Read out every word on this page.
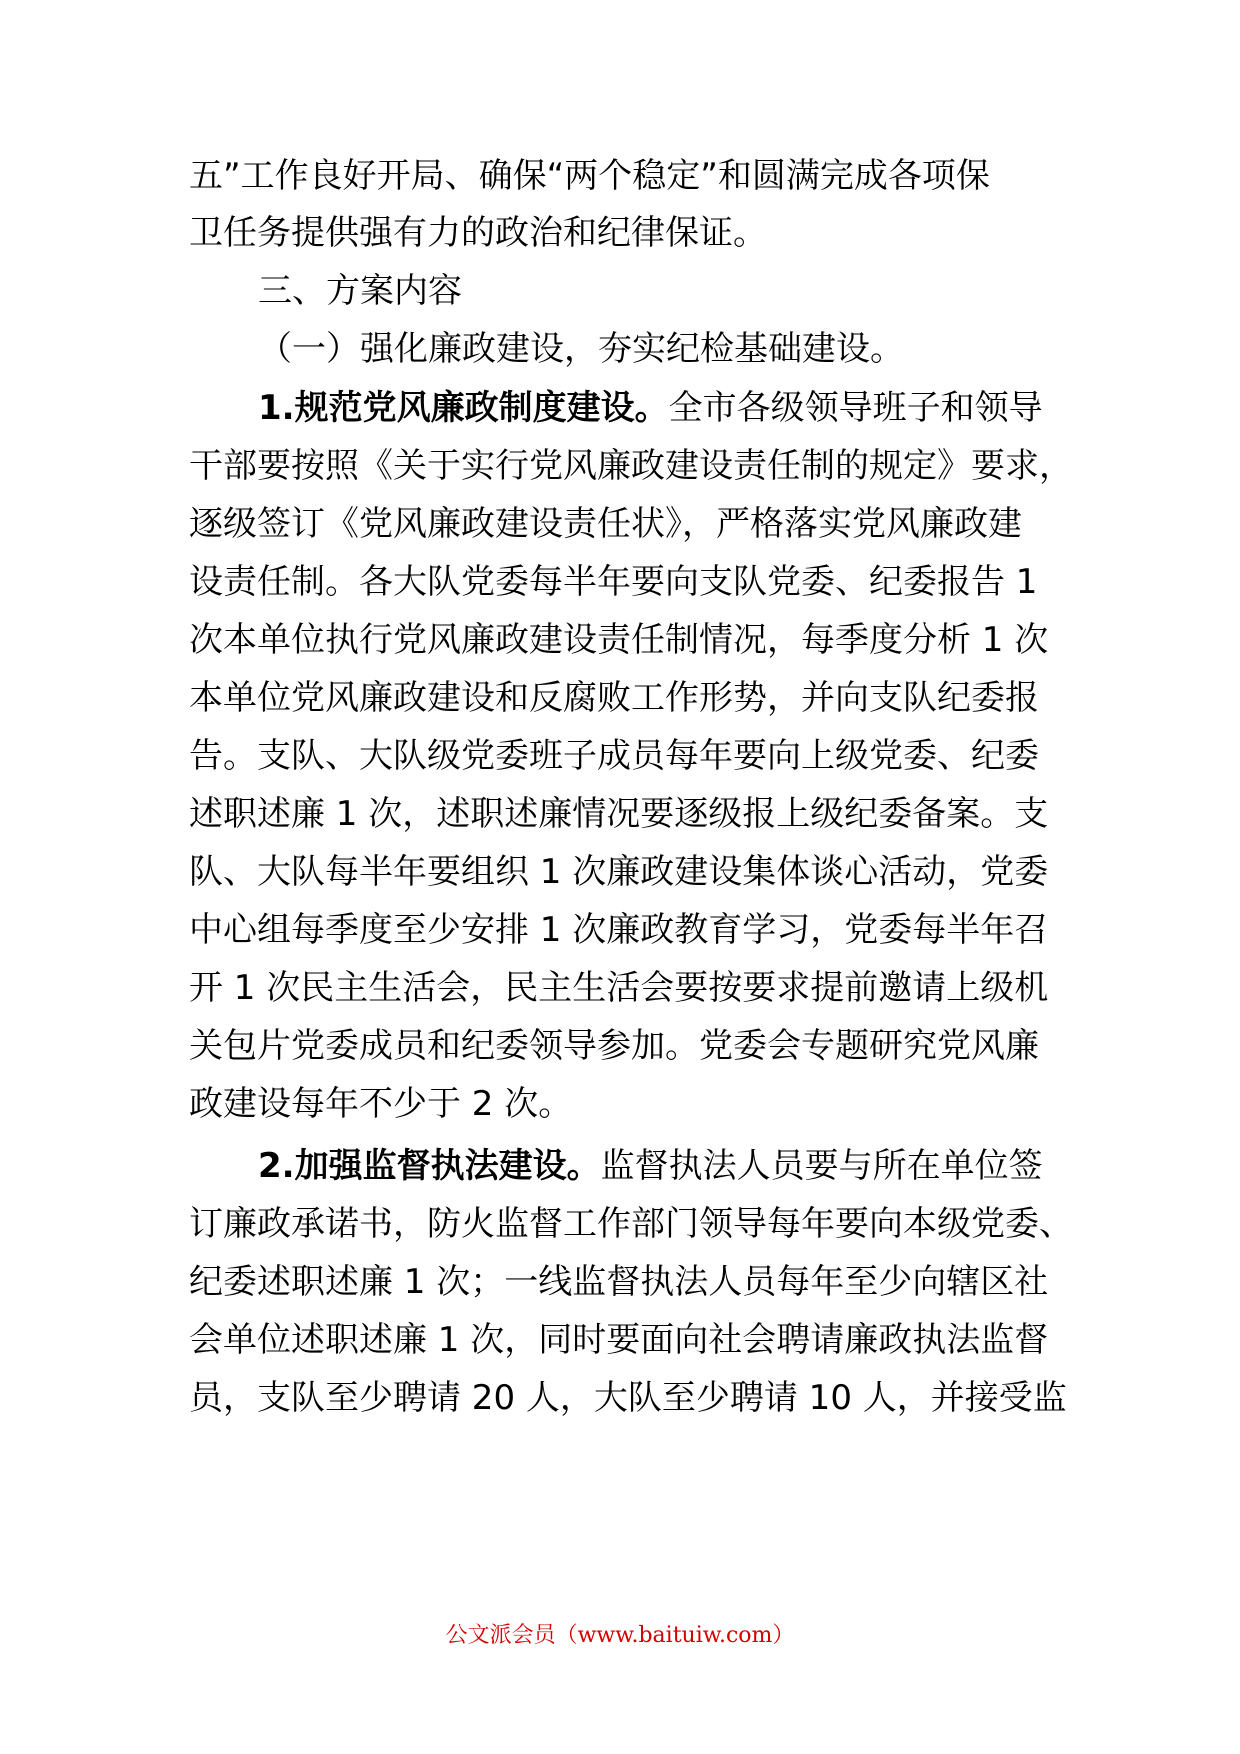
五”工作良好开局、确保“两个稳定”和圆满完成各项保
卫任务提供强有力的政治和纪律保证。
三、方案内容
（一）强化廉政建设，夯实纪检基础建设。
1.规范党风廉政制度建设。全市各级领导班子和领导
干部要按照《关于实行党风廉政建设责任制的规定》要求，
逐级签订《党风廉政建设责任状》，严格落实党风廉政建
设责任制。各大队党委每半年要向支队党委、纪委报告 1
次本单位执行党风廉政建设责任制情况，每季度分析 1 次
本单位党风廉政建设和反腐败工作形势，并向支队纪委报
告。支队、大队级党委班子成员每年要向上级党委、纪委
述职述廉 1 次，述职述廉情况要逐级报上级纪委备案。支
队、大队每半年要组织 1 次廉政建设集体谈心活动，党委
中心组每季度至少安排 1 次廉政教育学习，党委每半年召
开 1 次民主生活会，民主生活会要按要求提前邀请上级机
关包片党委成员和纪委领导参加。党委会专题研究党风廉
政建设每年不少于 2 次。
2.加强监督执法建设。监督执法人员要与所在单位签
订廉政承诺书，防火监督工作部门领导每年要向本级党委、
纪委述职述廉 1 次；一线监督执法人员每年至少向辖区社
会单位述职述廉 1 次，同时要面向社会聘请廉政执法监督
员，支队至少聘请 20 人，大队至少聘请 10 人，并接受监
公文派会员（www.baituiw.com）
